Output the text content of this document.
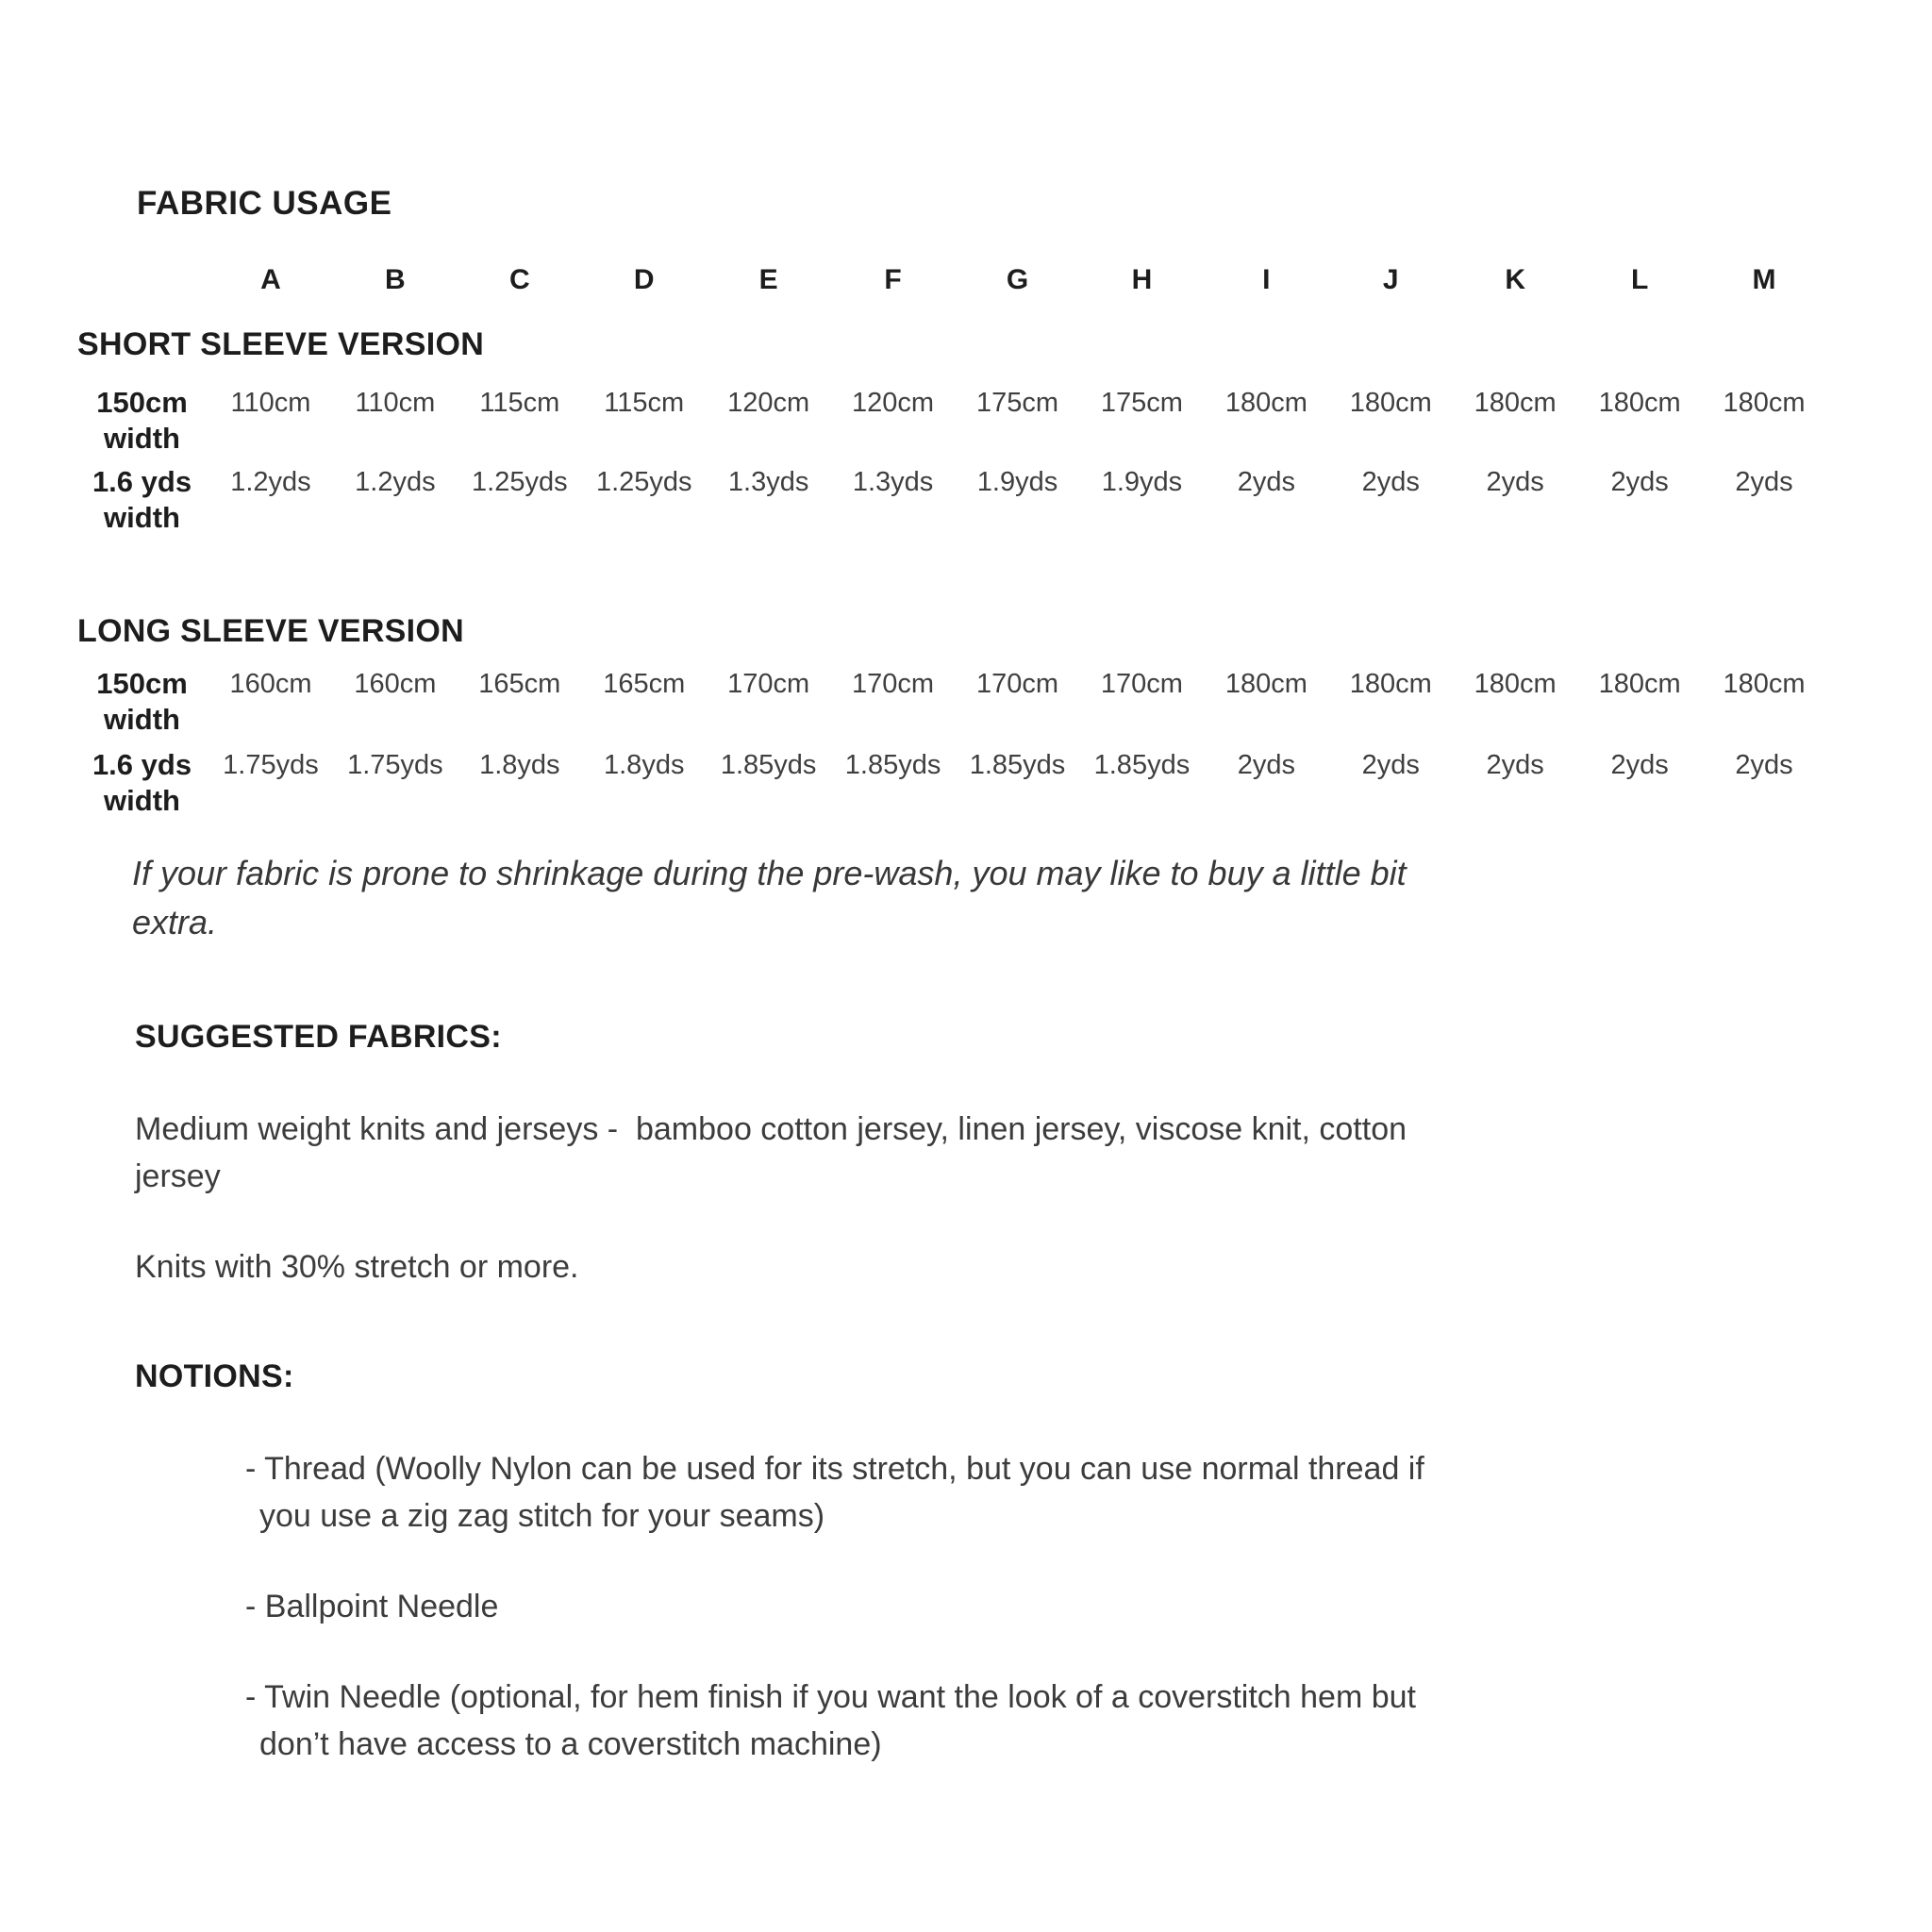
FABRIC USAGE
A	B	C	D	E	F	G	H	I	J	K	L	M
SHORT SLEEVE VERSION
150cm
width
110cm	110cm	115cm	115cm	120cm	120cm	175cm	175cm	180cm	180cm	180cm	180cm	180cm
1.6 yds
width
1.2yds	1.2yds	1.25yds	1.25yds	1.3yds	1.3yds	1.9yds	1.9yds	2yds	2yds	2yds	2yds	2yds
LONG SLEEVE VERSION
150cm
width
160cm	160cm	165cm	165cm	170cm	170cm	170cm	170cm	180cm	180cm	180cm	180cm	180cm
1.6 yds
width
1.75yds	1.75yds	1.8yds	1.8yds	1.85yds	1.85yds	1.85yds	1.85yds	2yds	2yds	2yds	2yds	2yds
If your fabric is prone to shrinkage during the pre-wash, you may like to buy a little bit
extra.
SUGGESTED FABRICS:
Medium weight knits and jerseys -  bamboo cotton jersey, linen jersey, viscose knit, cotton
jersey
Knits with 30% stretch or more.
NOTIONS:
- Thread (Woolly Nylon can be used for its stretch, but you can use normal thread if
you use a zig zag stitch for your seams)
- Ballpoint Needle
- Twin Needle (optional, for hem finish if you want the look of a coverstitch hem but
don’t have access to a coverstitch machine)
